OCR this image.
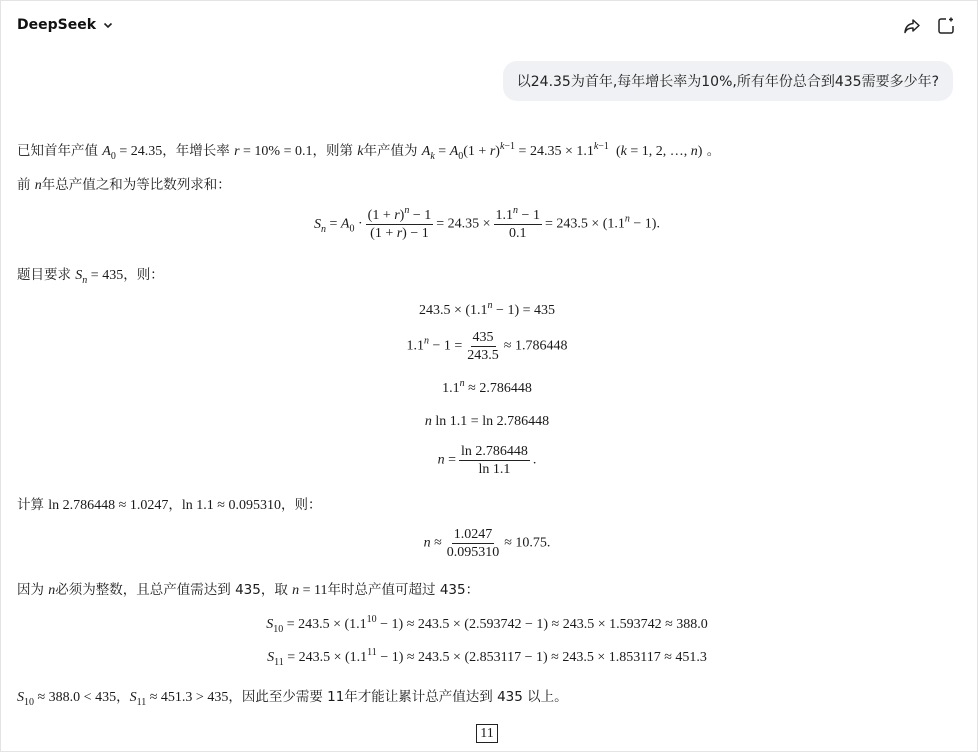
DeepSeek
以24.35为首年,每年增长率为10%,所有年份总合到435需要多少年?
已知首年产值 $A_0 = 24.35$，年增长率 r = 10% = 0.1，则第 k年产值为 $A_k = A_0(1 + r)^{k-1} = 24.35 \times 1.1^{k-1}$  (k = 1, 2, …, n) 。
前 n年总产值之和为等比数列求和：
$S_n = A_0 \cdot \frac{(1 + r)^n - 1}{(1 + r) - 1} = 24.35 \times \frac{1.1^n - 1}{0.1} = 243.5 \times (1.1^n - 1)$.
题目要求 $S_n = 435$，则：
$243.5 \times (1.1^n - 1) = 435$
$1.1^n - 1 = \frac{435}{243.5} \approx 1.786448$
$1.1^n \approx 2.786448$
n ln 1.1 = ln 2.786448
$n = \frac{\ln 2.786448}{\ln 1.1}$ .
计算 ln 2.786448 ≈ 1.0247，ln 1.1 ≈ 0.095310，则：
$n \approx \frac{1.0247}{0.095310} \approx 10.75$.
因为 n必须为整数，且总产值需达到 435，取 n = 11年时总产值可超过 435：
$S_{10} = 243.5 \times (1.1^{10} - 1) \approx 243.5 \times (2.593742 - 1) \approx 243.5 \times 1.593742 \approx 388.0$
$S_{11} = 243.5 \times (1.1^{11} - 1) \approx 243.5 \times (2.853117 - 1) \approx 243.5 \times 1.853117 \approx 451.3$
$S_{10} \approx 388.0 < 435$，$S_{11} \approx 451.3 > 435$，因此至少需要 11年才能让累计总产值达到 435 以上。
11
